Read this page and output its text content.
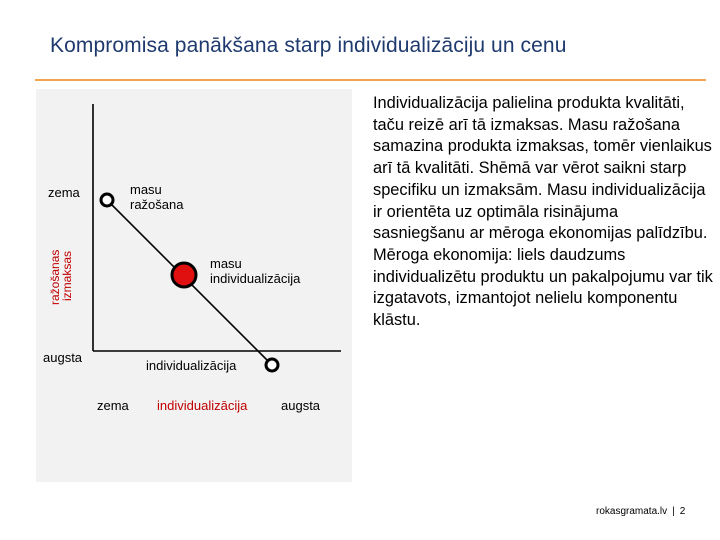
Kompromisa panākšana starp individualizāciju un cenu
zema
augsta
ražošanas
izmaksas
masu
ražošana
masu
individualizācija
individualizācija
zema individualizācija	augsta
Individualizācija palielina produkta kvalitāti, taču reizē arī tā izmaksas. Masu ražošana samazina produkta izmaksas, tomēr vienlaikus arī tā kvalitāti. Shēmā var vērot saikni starp specifiku un izmaksām. Masu individualizācija ir orientēta uz optimāla risinājuma sasniegšanu ar mēroga ekonomijas palīdzību. Mēroga ekonomija: liels daudzums individualizētu produktu un pakalpojumu var tik izgatavots, izmantojot nelielu komponentu klāstu.
rokasgramata.lv | 2
